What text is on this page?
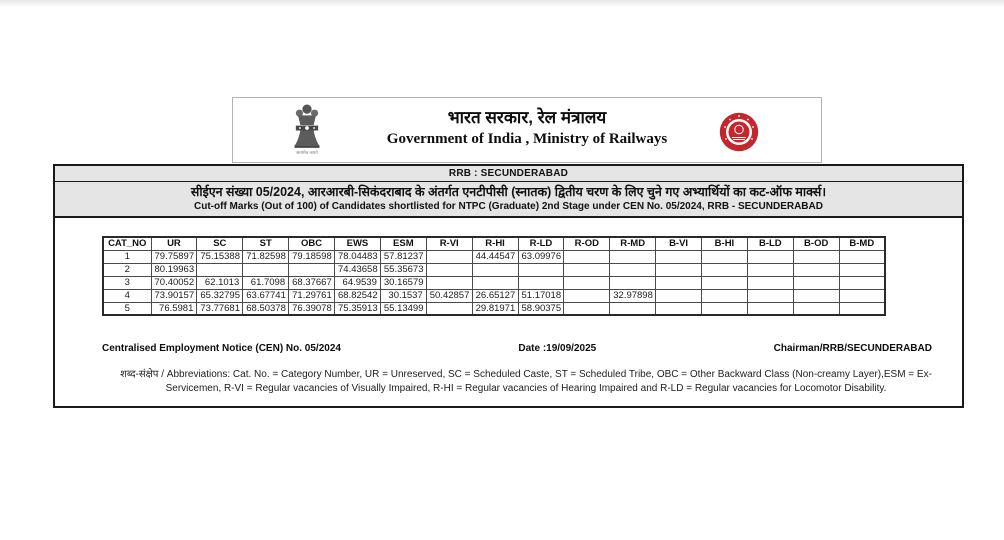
सत्यमेव जयते
भारत सरकार, रेल मंत्रालय
Government of India , Ministry of Railways
RRB : SECUNDERABAD
सीईएन संख्या 05/2024, आरआरबी-सिकंदराबाद के अंतर्गत एनटीपीसी (स्नातक) द्वितीय चरण के लिए चुने गए अभ्यार्थियों का कट-ऑफ मार्क्स।
Cut-off Marks (Out of 100) of Candidates shortlisted for NTPC (Graduate) 2nd Stage under CEN No. 05/2024, RRB - SECUNDERABAD
CAT_NO	UR	SC	ST	OBC	EWS	ESM	R-VI	R-HI	R-LD	R-OD	R-MD	B-VI	B-HI	B-LD	B-OD	B-MD
1	79.75897	75.15388	71.82598	79.18598	78.04483	57.81237		44.44547	63.09976							
2	80.19963				74.43658	55.35673										
3	70.40052	62.1013	61.7098	68.37667	64.9539	30.16579										
4	73.90157	65.32795	63.67741	71.29761	68.82542	30.1537	50.42857	26.65127	51.17018		32.97898					
5	76.5981	73.77681	68.50378	76.39078	75.35913	55.13499		29.81971	58.90375							
Centralised Employment Notice (CEN) No. 05/2024	Date :19/09/2025	Chairman/RRB/SECUNDERABAD
शब्द-संक्षेप / Abbreviations: Cat. No. = Category Number, UR = Unreserved, SC = Scheduled Caste, ST = Scheduled Tribe, OBC = Other Backward Class (Non-creamy Layer),ESM = Ex-Servicemen, R-VI = Regular vacancies of Visually Impaired, R-HI = Regular vacancies of Hearing Impaired and R-LD = Regular vacancies for Locomotor Disability.
